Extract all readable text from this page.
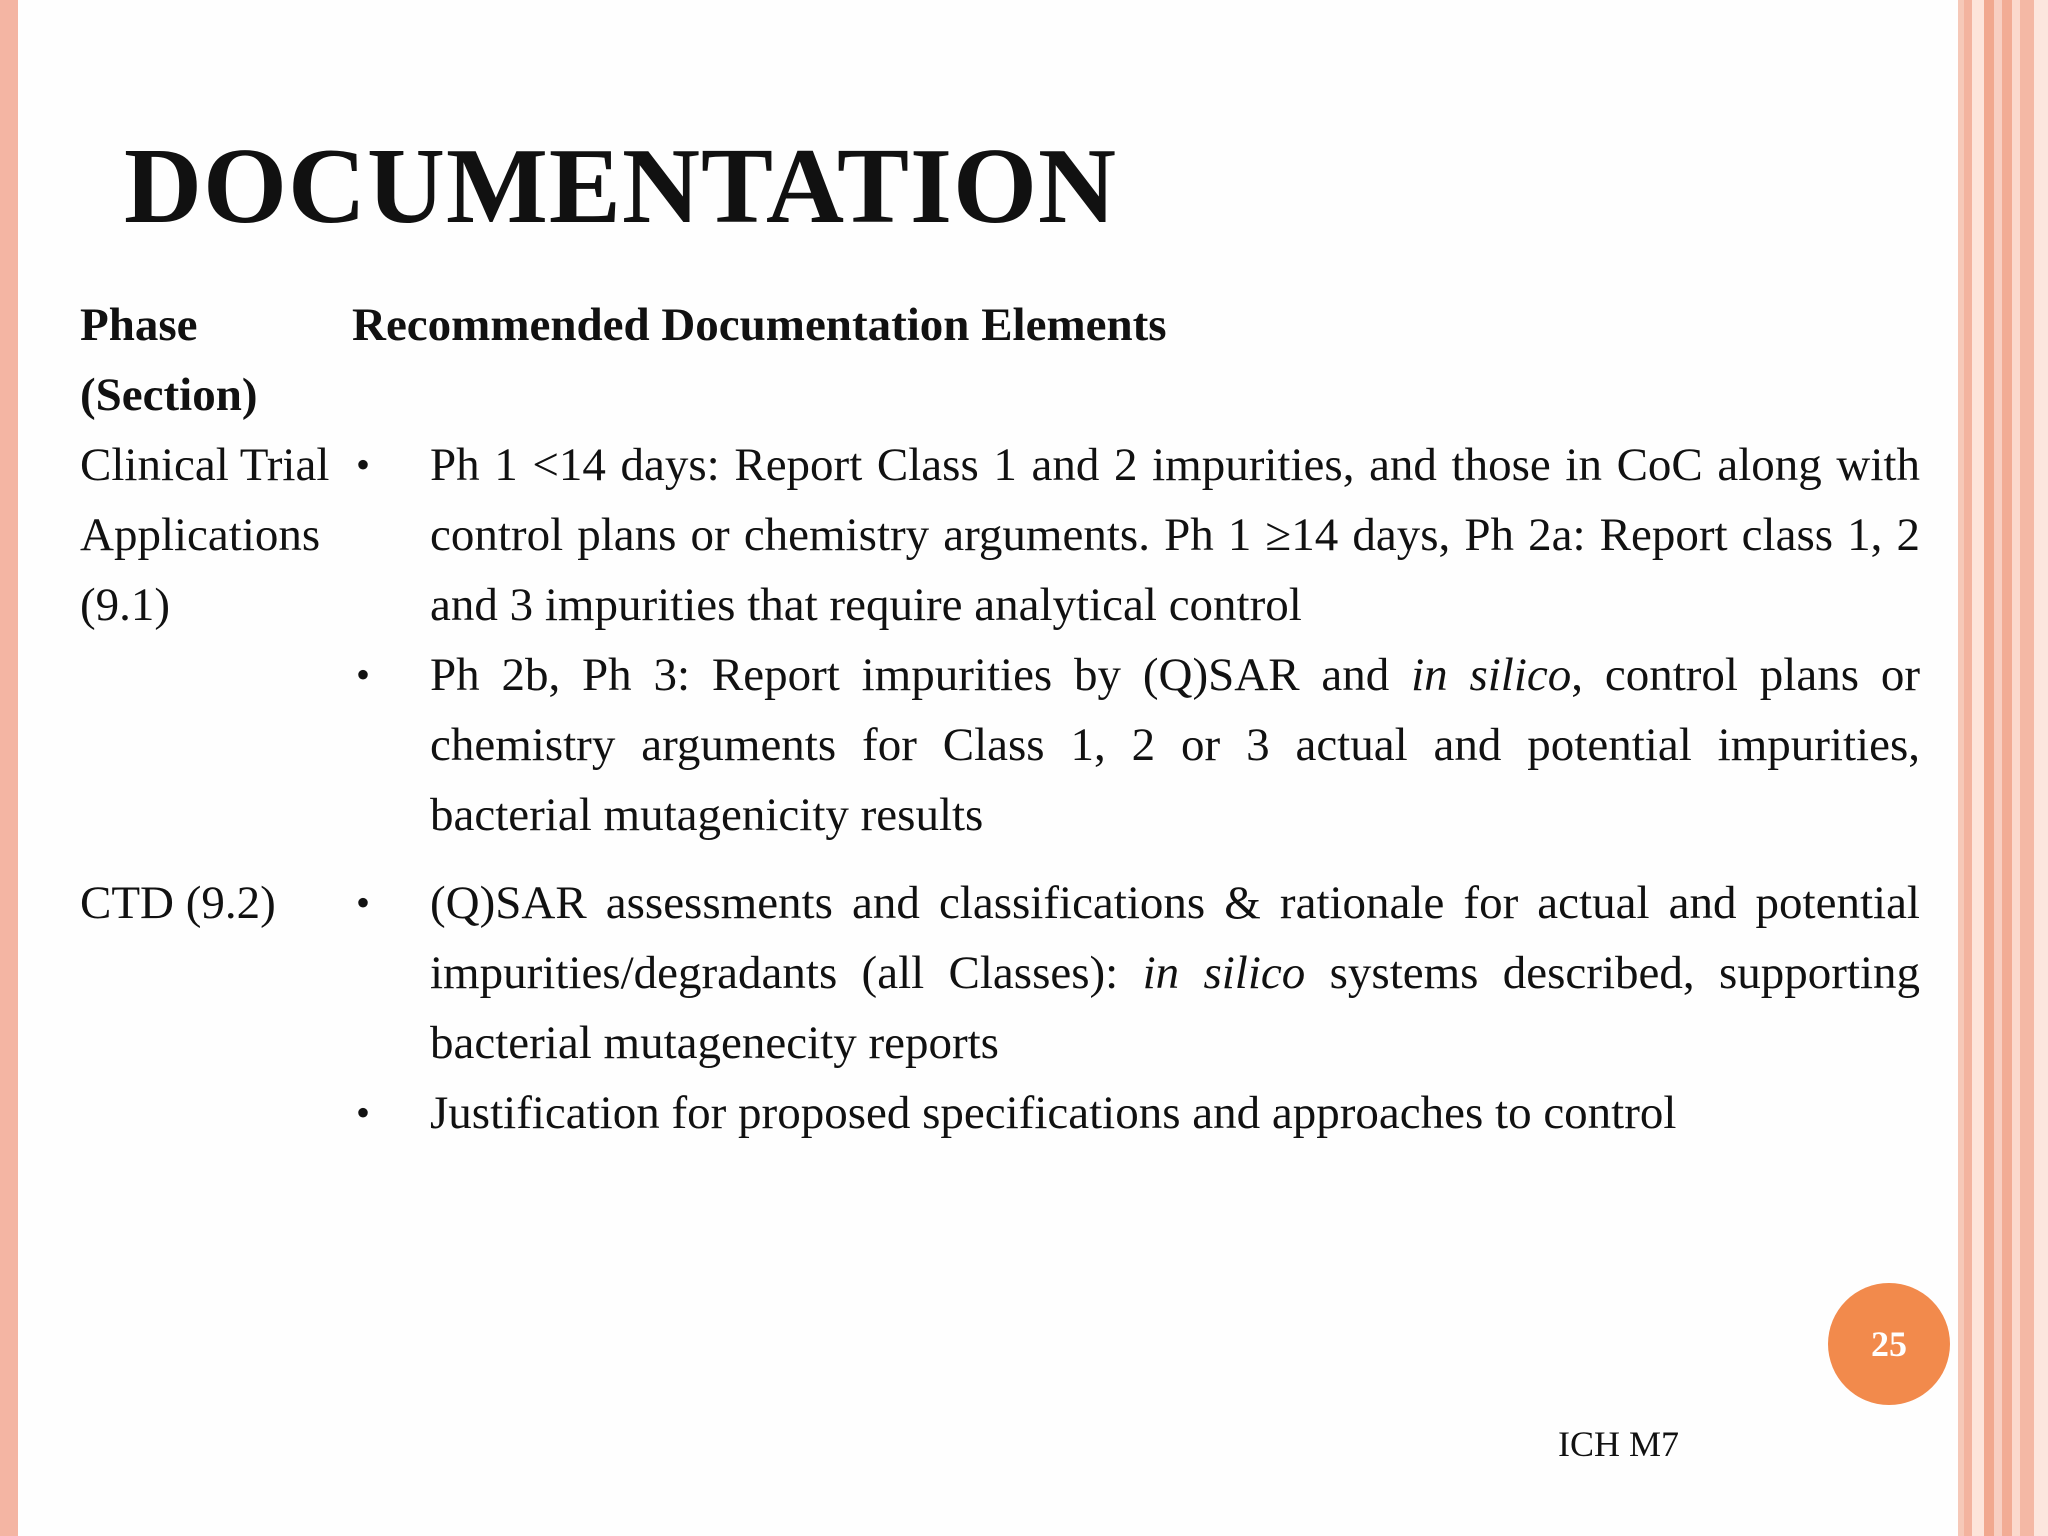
DOCUMENTATION
Phase (Section)
Recommended Documentation Elements
Clinical Trial Applications (9.1)
• Ph 1 <14 days: Report Class 1 and 2 impurities, and those in CoC along with control plans or chemistry arguments. Ph 1 ≥14 days, Ph 2a: Report class 1, 2 and 3 impurities that require analytical control
• Ph 2b, Ph 3: Report impurities by (Q)SAR and in silico, control plans or chemistry arguments for Class 1, 2 or 3 actual and potential impurities, bacterial mutagenicity results
CTD (9.2)	• (Q)SAR assessments and classifications & rationale for actual and potential impurities/degradants (all Classes): in silico systems described, supporting bacterial mutagenecity reports
• Justification for proposed specifications and approaches to control
25
ICH M7
